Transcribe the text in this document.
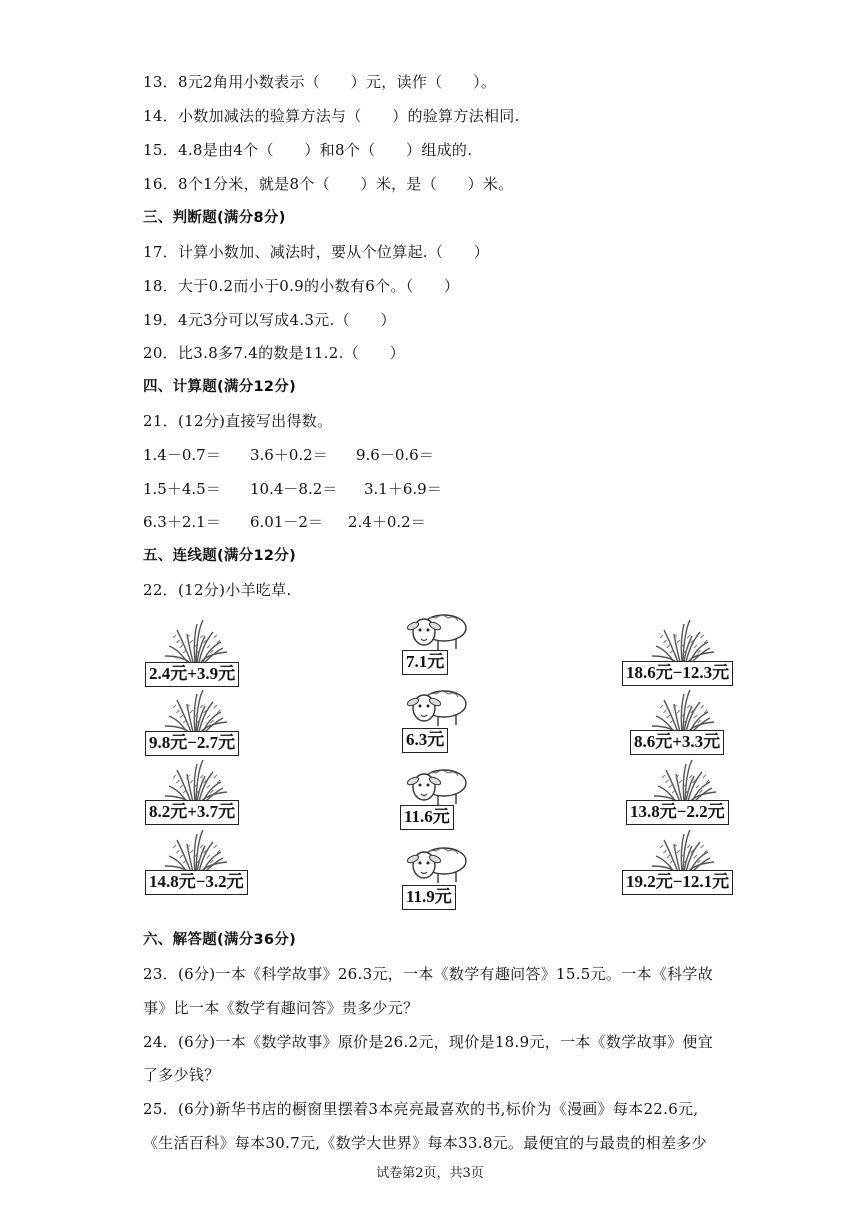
13．8元2角用小数表示（　　）元，读作（　　）。
14．小数加减法的验算方法与（　　）的验算方法相同.
15．4.8是由4个（　　）和8个（　　）组成的.
16．8个1分米，就是8个（　　）米，是（　　）米。
三、判断题(满分8分)
17．计算小数加、减法时，要从个位算起.（　　）
18．大于0.2而小于0.9的小数有6个。（　　）
19．4元3分可以写成4.3元.（　　）
20．比3.8多7.4的数是11.2.（　　）
四、计算题(满分12分)
21．(12分)直接写出得数。
1.4－0.7＝ 3.6＋0.2＝ 9.6－0.6＝
1.5＋4.5＝ 10.4－8.2＝ 3.1＋6.9＝
6.3＋2.1＝ 6.01－2＝ 2.4＋0.2＝
五、连线题(满分12分)
22．(12分)小羊吃草.
2.4元+3.9元
9.8元−2.7元
8.2元+3.7元
14.8元−3.2元
7.1元
6.3元
11.6元
11.9元
18.6元−12.3元
8.6元+3.3元
13.8元−2.2元
19.2元−12.1元
六、解答题(满分36分)
23．(6分)一本《科学故事》26.3元，一本《数学有趣问答》15.5元。一本《科学故
事》比一本《数学有趣问答》贵多少元？
24．(6分)一本《数学故事》原价是26.2元，现价是18.9元，一本《数学故事》便宜
了多少钱？
25．(6分)新华书店的橱窗里摆着3本亮亮最喜欢的书,标价为《漫画》每本22.6元,
《生活百科》每本30.7元,《数学大世界》每本33.8元。最便宜的与最贵的相差多少
试卷第2页，共3页
